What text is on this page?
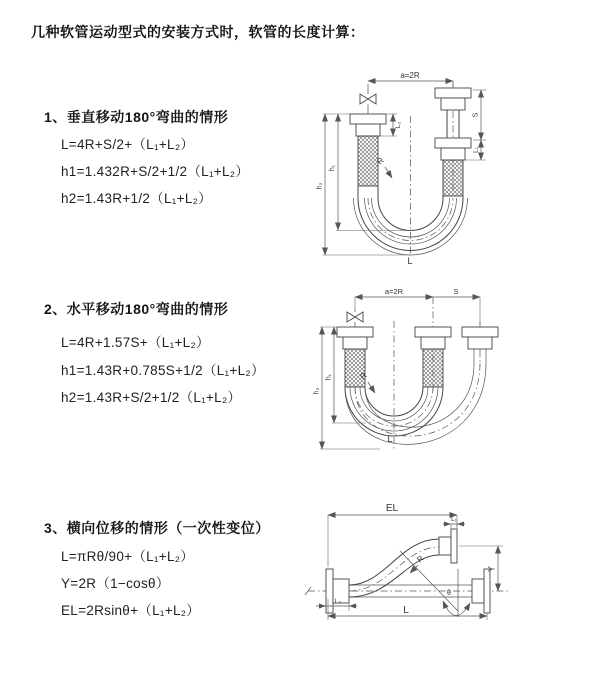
几种软管运动型式的安装方式时，软管的长度计算：
1、垂直移动180°弯曲的情形
L=4R+S/2+（L₁+L₂）
h1=1.432R+S/2+1/2（L₁+L₂）
h2=1.43R+1/2（L₁+L₂）
2、水平移动180°弯曲的情形
L=4R+1.57S+（L₁+L₂）
h1=1.43R+0.785S+1/2（L₁+L₂）
h2=1.43R+S/2+1/2（L₁+L₂）
3、横向位移的情形（一次性变位）
L=πRθ/90+（L₁+L₂）
Y=2R（1−cosθ）
EL=2Rsinθ+（L₁+L₂）
a=2R
h₁
h₂
S
L₁
L₂
R
L
a=2R	S
h₁
h₂
R
L
EL
L₁
Y
L
L₂
R
θ
